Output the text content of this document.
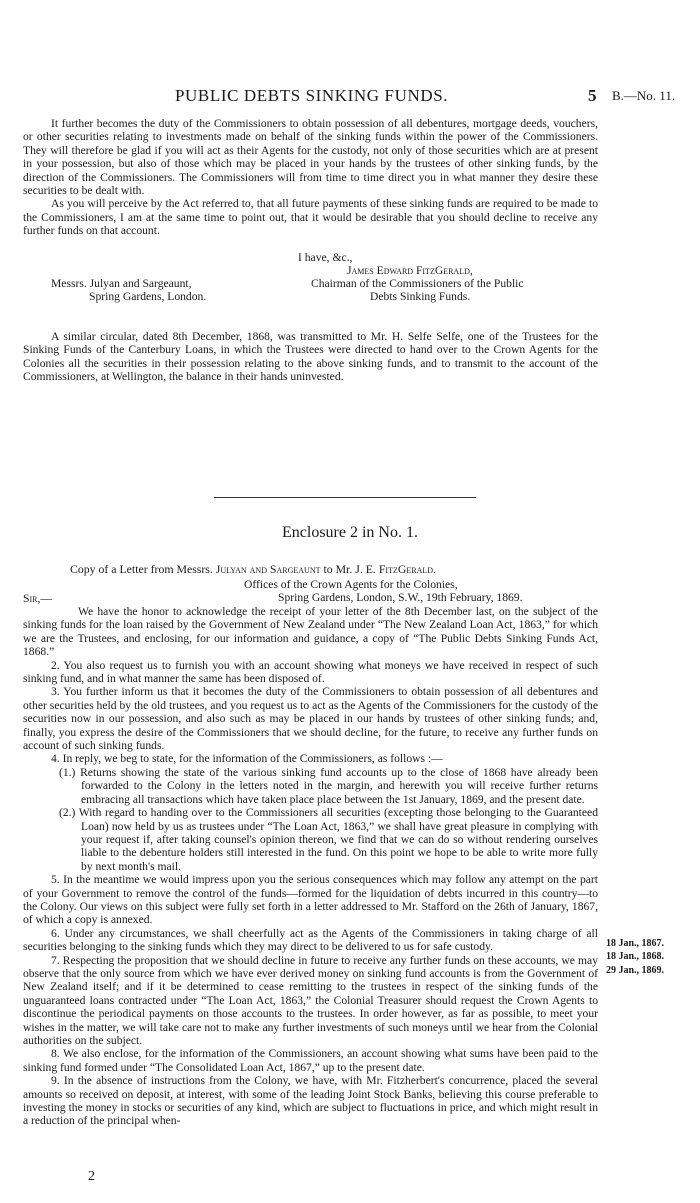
PUBLIC DEBTS SINKING FUNDS.	5 B.—No. 11.

It further becomes the duty of the Commissioners to obtain possession of all debentures, mortgage deeds, vouchers, or other securities relating to investments made on behalf of the sinking funds within the power of the Commissioners. They will therefore be glad if you will act as their Agents for the custody, not only of those securities which are at present in your possession, but also of those which may be placed in your hands by the trustees of other sinking funds, by the direction of the Commissioners. The Commissioners will from time to time direct you in what manner they desire these securities to be dealt with.

As you will perceive by the Act referred to, that all future payments of these sinking funds are required to be made to the Commissioners, I am at the same time to point out, that it would be desirable that you should decline to receive any further funds on that account.

I have, &c.,
James Edward FitzGerald,
Chairman of the Commissioners of the Public
Debts Sinking Funds.
Messrs. Julyan and Sargeaunt,
Spring Gardens, London.

A similar circular, dated 8th December, 1868, was transmitted to Mr. H. Selfe Selfe, one of the Trustees for the Sinking Funds of the Canterbury Loans, in which the Trustees were directed to hand over to the Crown Agents for the Colonies all the securities in their possession relating to the above sinking funds, and to transmit to the account of the Commissioners, at Wellington, the balance in their hands uninvested.

Enclosure 2 in No. 1.
Copy of a Letter from Messrs. Julyan and Sargeaunt to Mr. J. E. FitzGerald.
Offices of the Crown Agents for the Colonies,
Spring Gardens, London, S.W., 19th February, 1869.
Sir,—

We have the honor to acknowledge the receipt of your letter of the 8th December last, on the subject of the sinking funds for the loan raised by the Government of New Zealand under “The New Zealand Loan Act, 1863,” for which we are the Trustees, and enclosing, for our information and guidance, a copy of “The Public Debts Sinking Funds Act, 1868.”

2. You also request us to furnish you with an account showing what moneys we have received in respect of such sinking fund, and in what manner the same has been disposed of.

3. You further inform us that it becomes the duty of the Commissioners to obtain possession of all debentures and other securities held by the old trustees, and you request us to act as the Agents of the Commissioners for the custody of the securities now in our possession, and also such as may be placed in our hands by trustees of other sinking funds; and, finally, you express the desire of the Commissioners that we should decline, for the future, to receive any further funds on account of such sinking funds.

4. In reply, we beg to state, for the information of the Commissioners, as follows :—

(1.) Returns showing the state of the various sinking fund accounts up to the close of 1868 have already been forwarded to the Colony in the letters noted in the margin, and herewith you will receive further returns embracing all transactions which have taken place place between the 1st January, 1869, and the present date.

(2.) With regard to handing over to the Commissioners all securities (excepting those belonging to the Guaranteed Loan) now held by us as trustees under “The Loan Act, 1863,” we shall have great pleasure in complying with your request if, after taking counsel's opinion thereon, we find that we can do so without rendering ourselves liable to the debenture holders still interested in the fund. On this point we hope to be able to write more fully by next month's mail.

5. In the meantime we would impress upon you the serious consequences which may follow any attempt on the part of your Government to remove the control of the funds—formed for the liquidation of debts incurred in this country—to the Colony. Our views on this subject were fully set forth in a letter addressed to Mr. Stafford on the 26th of January, 1867, of which a copy is annexed.

6. Under any circumstances, we shall cheerfully act as the Agents of the Commissioners in taking charge of all securities belonging to the sinking funds which they may direct to be delivered to us for safe custody.

7. Respecting the proposition that we should decline in future to receive any further funds on these accounts, we may observe that the only source from which we have ever derived money on sinking fund accounts is from the Government of New Zealand itself; and if it be determined to cease remitting to the trustees in respect of the sinking funds of the unguaranteed loans contracted under “The Loan Act, 1863,” the Colonial Treasurer should request the Crown Agents to discontinue the periodical payments on those accounts to the trustees. In order however, as far as possible, to meet your wishes in the matter, we will take care not to make any further investments of such moneys until we hear from the Colonial authorities on the subject.

8. We also enclose, for the information of the Commissioners, an account showing what sums have been paid to the sinking fund formed under “The Consolidated Loan Act, 1867,” up to the present date.

9. In the absence of instructions from the Colony, we have, with Mr. Fitzherbert's concurrence, placed the several amounts so received on deposit, at interest, with some of the leading Joint Stock Banks, believing this course preferable to investing the money in stocks or securities of any kind, which are subject to fluctuations in price, and which might result in a reduction of the principal when-

18 Jan., 1867.
18 Jan., 1868.
29 Jan., 1869.
2
